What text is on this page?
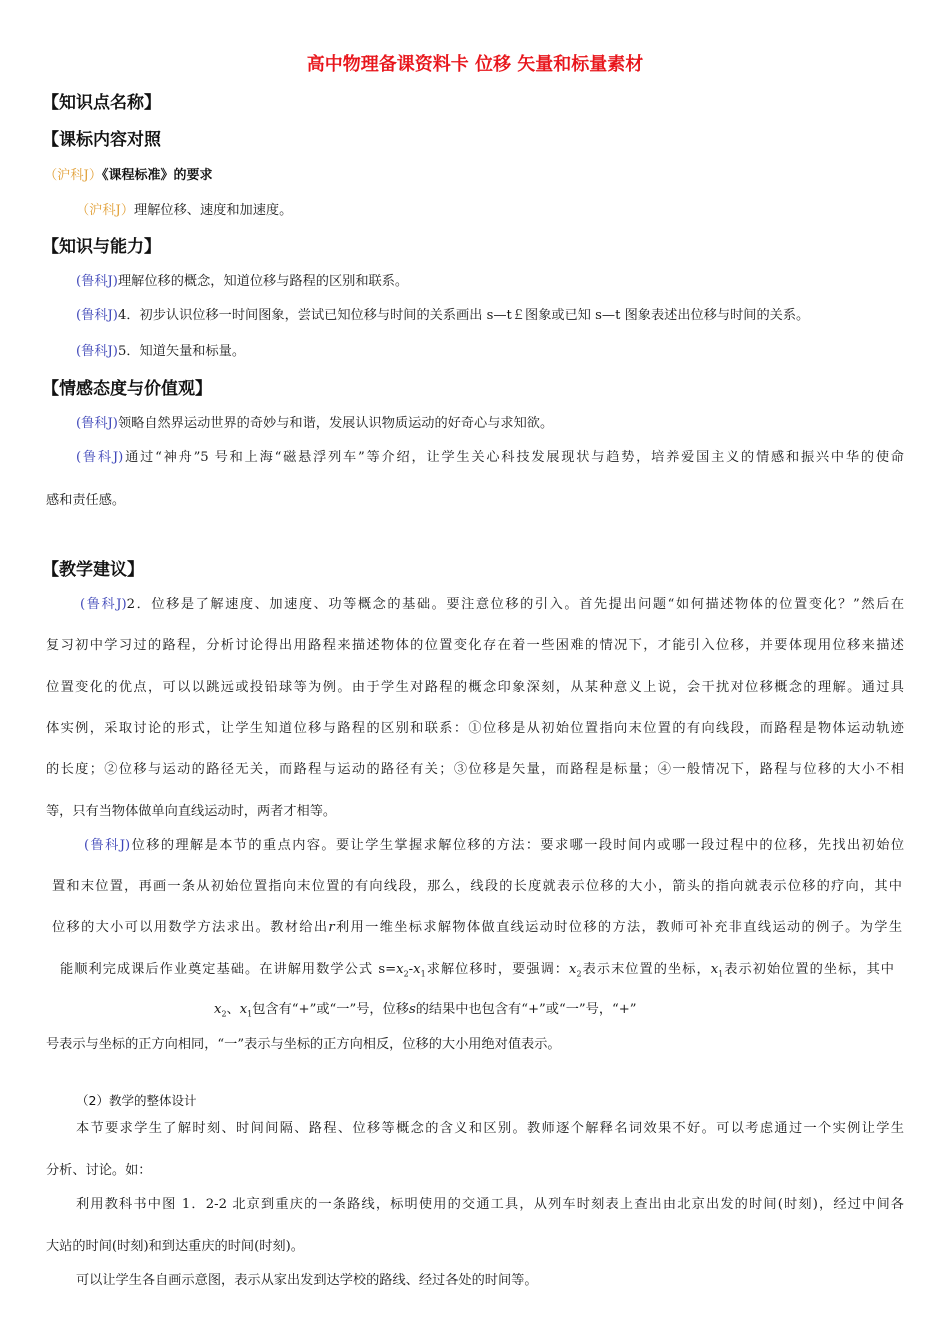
高中物理备课资料卡 位移 矢量和标量素材
【知识点名称】
【课标内容对照
（沪科J）《课程标准》的要求
（沪科J）理解位移、速度和加速度。
【知识与能力】
(鲁科J)理解位移的概念，知道位移与路程的区别和联系。
(鲁科J)4．初步认识位移一时间图象，尝试已知位移与时间的关系画出 s—t￡图象或已知 s—t 图象表述出位移与时间的关系。
(鲁科J)5．知道矢量和标量。
【情感态度与价值观】
(鲁科J)领略自然界运动世界的奇妙与和谐，发展认识物质运动的好奇心与求知欲。
(鲁科J)通过“神舟”5 号和上海“磁悬浮列车”等介绍，让学生关心科技发展现状与趋势，培养爱国主义的情感和振兴中华的使命
感和责任感。
【教学建议】
(鲁科J)2．位移是了解速度、加速度、功等概念的基础。要注意位移的引入。首先提出问题“如何描述物体的位置变化？”然后在
复习初中学习过的路程，分析讨论得出用路程来描述物体的位置变化存在着一些困难的情况下，才能引入位移，并要体现用位移来描述
位置变化的优点，可以以跳远或投铅球等为例。由于学生对路程的概念印象深刻，从某种意义上说，会干扰对位移概念的理解。通过具
体实例，采取讨论的形式，让学生知道位移与路程的区别和联系：①位移是从初始位置指向末位置的有向线段，而路程是物体运动轨迹
的长度；②位移与运动的路径无关，而路程与运动的路径有关；③位移是矢量，而路程是标量；④一般情况下，路程与位移的大小不相
等，只有当物体做单向直线运动时，两者才相等。
(鲁科J)位移的理解是本节的重点内容。要让学生掌握求解位移的方法：要求哪一段时间内或哪一段过程中的位移，先找出初始位
置和末位置，再画一条从初始位置指向末位置的有向线段，那么，线段的长度就表示位移的大小，箭头的指向就表示位移的疗向，其中
位移的大小可以用数学方法求出。教材给出r利用一维坐标求解物体做直线运动时位移的方法，教师可补充非直线运动的例子。为学生
能顺利完成课后作业奠定基础。在讲解用数学公式 $s=x_2-x_1$求解位移时，要强调：$x_2$表示末位置的坐标，$x_1$表示初始位置的坐标，其中
$x_2$、$x_1$包含有“+”或“一”号，位移s的结果中也包含有“+”或“一”号，“+”
号表示与坐标的正方向相同，“一”表示与坐标的正方向相反，位移的大小用绝对值表示。
（2）教学的整体设计
本节要求学生了解时刻、时间间隔、路程、位移等概念的含义和区别。教师逐个解释名词效果不好。可以考虑通过一个实例让学生
分析、讨论。如：
利用教科书中图 1．2-2 北京到重庆的一条路线，标明使用的交通工具，从列车时刻表上查出由北京出发的时间(时刻)，经过中间各
大站的时间(时刻)和到达重庆的时间(时刻)。
可以让学生各自画示意图，表示从家出发到达学校的路线、经过各处的时间等。
